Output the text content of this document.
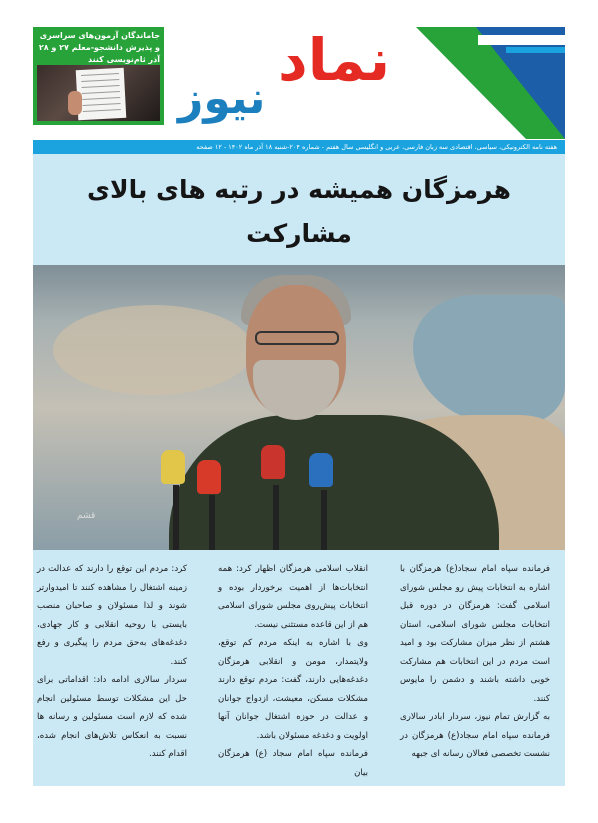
جاماندگان آزمون‌های سراسری و پذیرش دانشجو-معلم ۲۷ و ۲۸ آذر ثام‌نویسی کنند نماد
نیوز
هفته نامه الکترونیکی، سیاسی، اقتصادی سه زبان فارسی، عربی و انگلیسی سال هفتم - شماره ۲۰۴-شنبه ۱۸ آذر ماه ۱۴۰۲ - ۱۲ صفحه
هرمزگان همیشه در رتبه های بالای مشارکت
قشم

فرمانده سپاه امام سجاد(ع) هرمزگان با اشاره به انتخابات پیش رو مجلس شورای اسلامی گفت: هرمزگان در دوره قبل انتخابات مجلس شورای اسلامی، استان هشتم از نظر میزان مشارکت بود و امید است مردم در این انتخابات هم مشارکت خوبی داشته باشند و دشمن را مایوس کنند.
به گزارش تمام نیوز، سردار ابادر سالاری فرمانده سپاه امام سجاد(ع) هرمزگان در نشست تخصصی فعالان رسانه ای جبهه

انقلاب اسلامی هرمزگان اظهار کرد: همه انتخابات‌ها از اهمیت برخوردار بوده و انتخابات پیش‌روی مجلس شورای اسلامی هم از این قاعده مستثنی نیست.
وی با اشاره به اینکه مردم کم توقع، ولایتمدار، مومن و انقلابی هرمزگان دغدغه‌هایی دارند، گفت: مردم توقع دارند مشکلات مسکن، معیشت، ازدواج جوانان و عدالت در حوزه اشتغال جوانان آنها اولویت و دغدغه مسئولان باشد.
فرمانده سپاه امام سجاد (ع) هرمزگان بیان

کرد: مردم این توقع را دارند که عدالت در زمینه اشتغال را مشاهده کنند تا امیدوارتر شوند و لذا مسئولان و صاحبان منصب بایستی با روحیه انقلابی و کار جهادی، دغدغه‌های به‌حق مردم را پیگیری و رفع کنند.
سردار سالاری ادامه داد: اقداماتی برای حل این مشکلات توسط مسئولین انجام شده که لازم است مسئولین و رسانه ها نسبت به انعکاس تلاش‌های انجام شده، اقدام کنند.
